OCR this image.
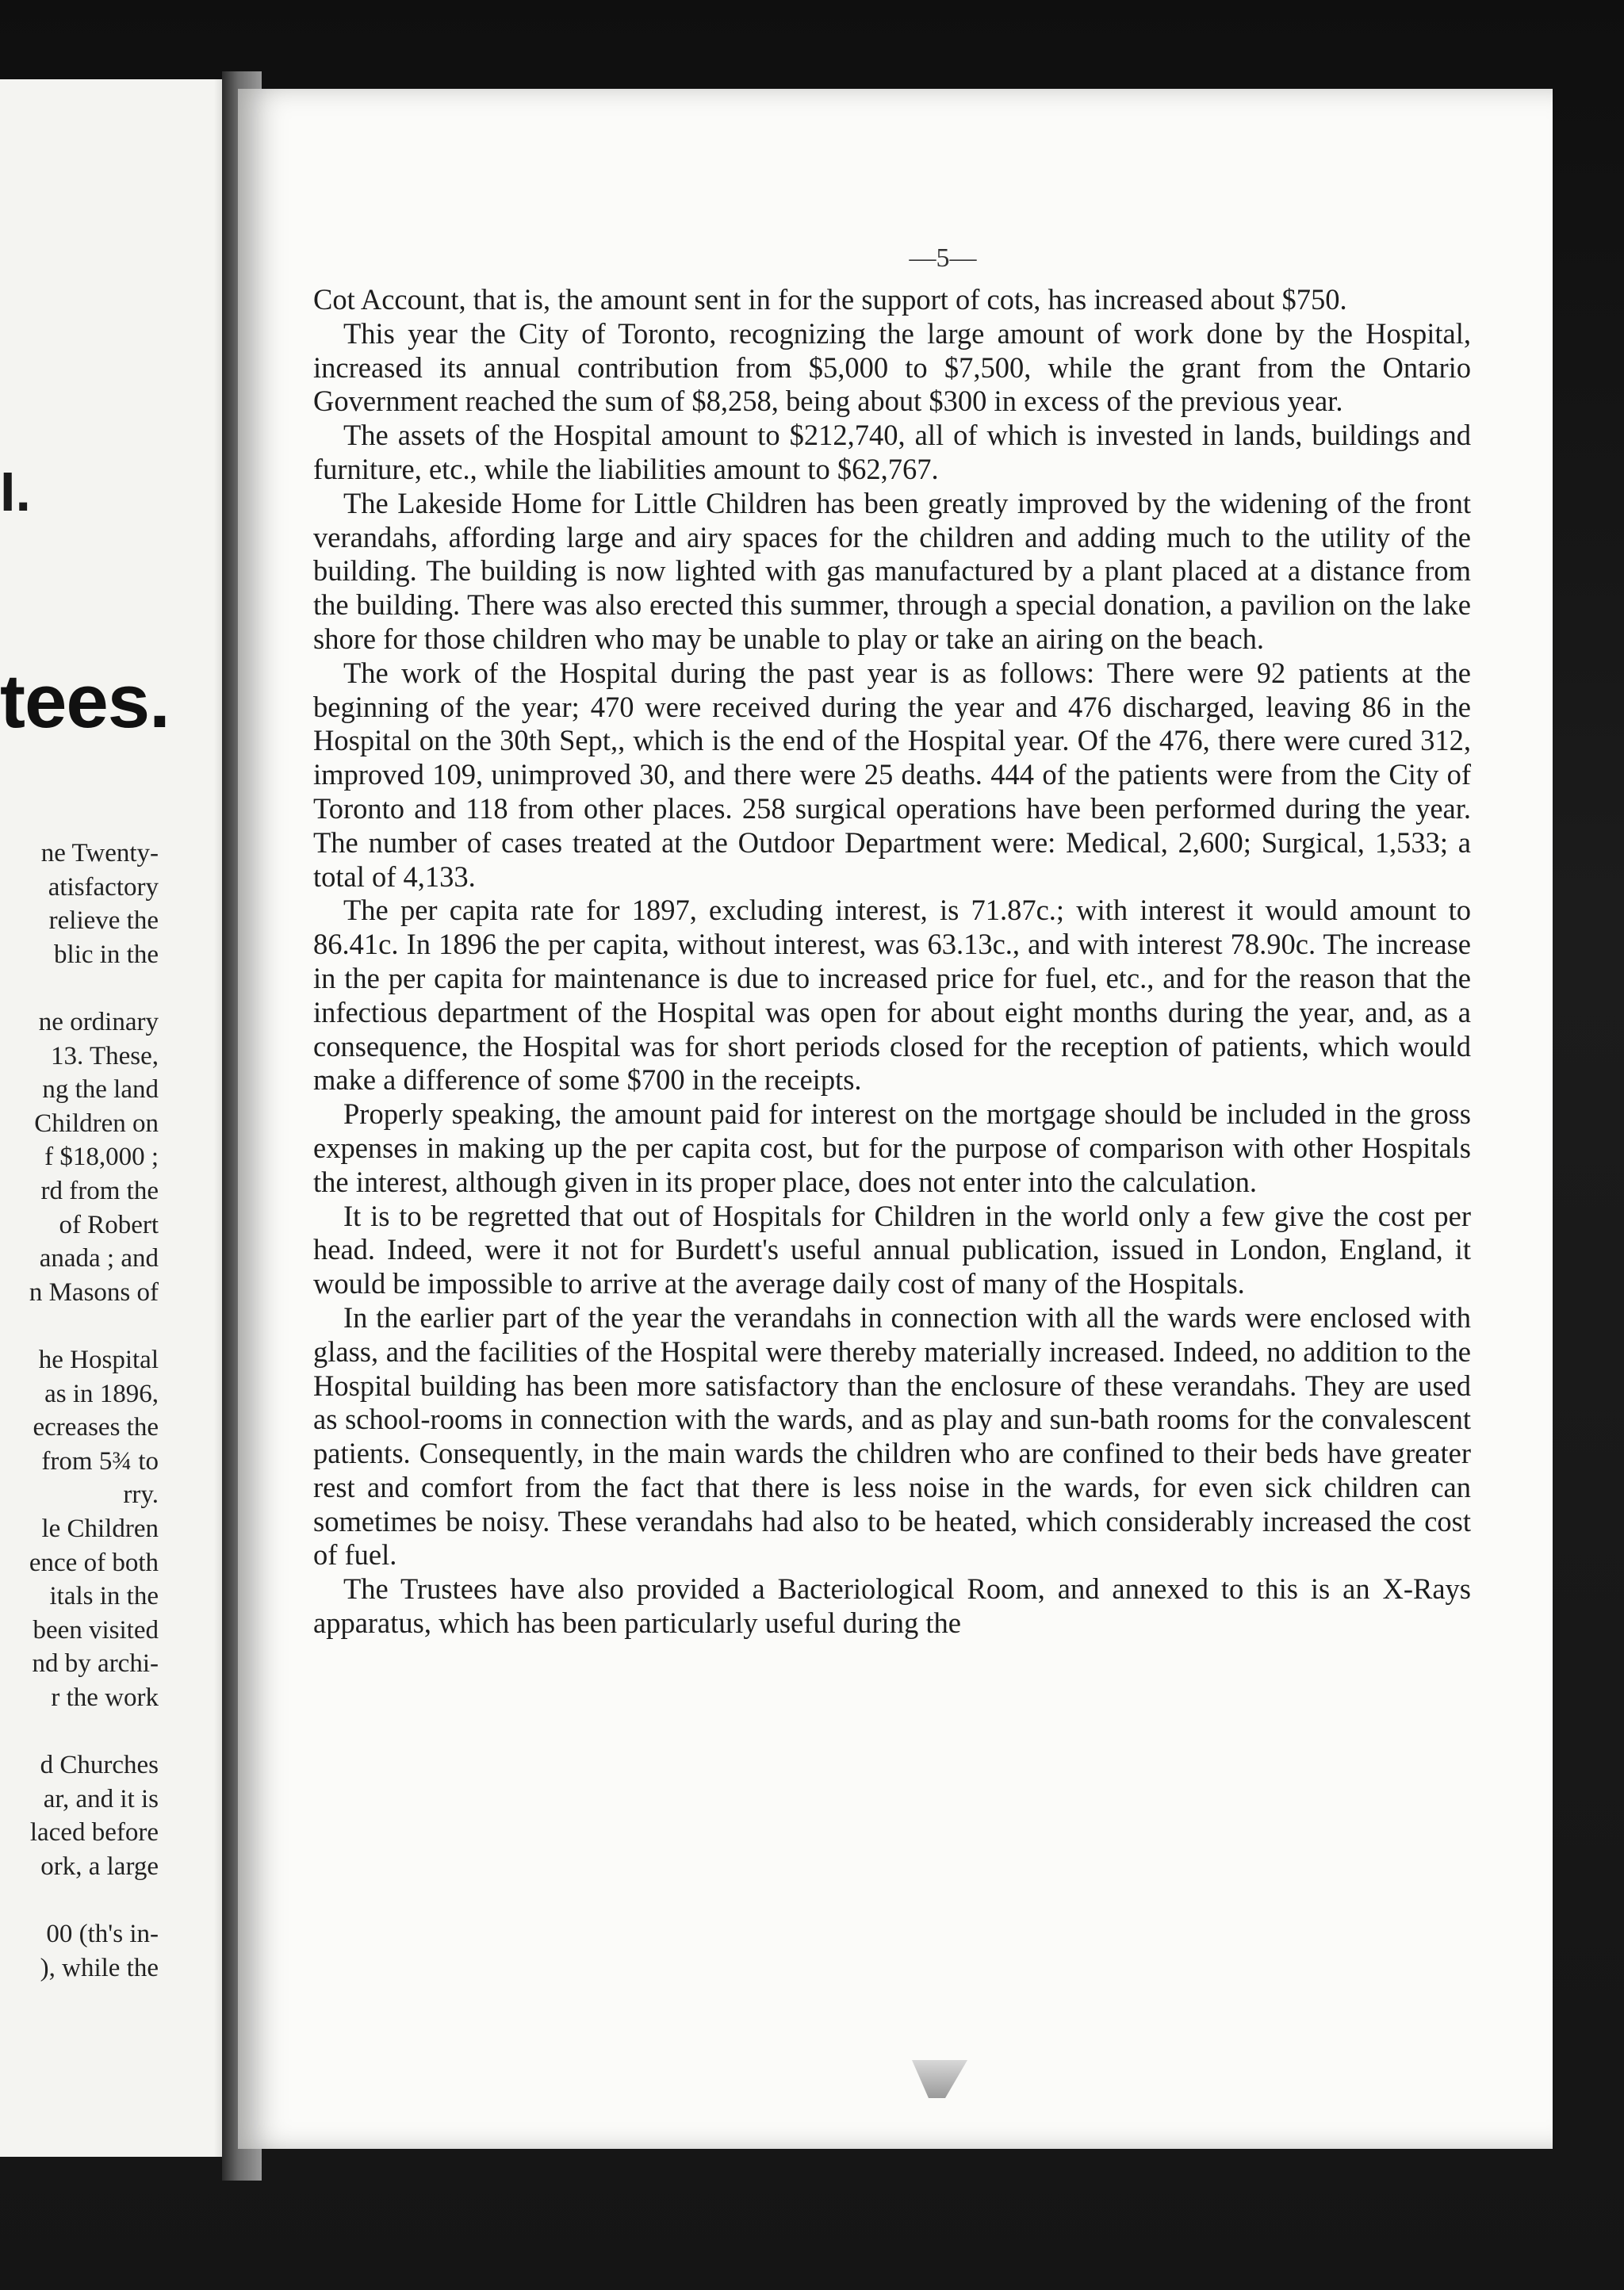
I.
tees.
ne Twenty-
atisfactory
relieve the
blic in the
ne ordinary
13. These,
ng the land
Children on
f $18,000 ;
rd from the
of Robert
anada ; and
n Masons of
he Hospital
as in 1896,
ecreases the
from 5¾ to
rry.
le Children
ence of both
itals in the
been visited
nd by archi-
r the work
d Churches
ar, and it is
laced before
ork, a large
00 (th's in-
), while the
—5—

Cot Account, that is, the amount sent in for the support of cots, has increased about $750.

This year the City of Toronto, recognizing the large amount of work done by the Hospital, increased its annual contribution from $5,000 to $7,500, while the grant from the Ontario Government reached the sum of $8,258, being about $300 in excess of the previous year.

The assets of the Hospital amount to $212,740, all of which is invested in lands, buildings and furniture, etc., while the liabilities amount to $62,767.

The Lakeside Home for Little Children has been greatly improved by the widening of the front verandahs, affording large and airy spaces for the children and adding much to the utility of the building. The building is now lighted with gas manufactured by a plant placed at a distance from the building. There was also erected this summer, through a special donation, a pavilion on the lake shore for those children who may be unable to play or take an airing on the beach.

The work of the Hospital during the past year is as follows: There were 92 patients at the beginning of the year; 470 were received during the year and 476 discharged, leaving 86 in the Hospital on the 30th Sept,, which is the end of the Hospital year. Of the 476, there were cured 312, improved 109, unimproved 30, and there were 25 deaths. 444 of the patients were from the City of Toronto and 118 from other places. 258 surgical operations have been performed during the year. The number of cases treated at the Outdoor Department were: Medical, 2,600; Surgical, 1,533; a total of 4,133.

The per capita rate for 1897, excluding interest, is 71.87c.; with interest it would amount to 86.41c. In 1896 the per capita, without interest, was 63.13c., and with interest 78.90c. The increase in the per capita for maintenance is due to increased price for fuel, etc., and for the reason that the infectious department of the Hospital was open for about eight months during the year, and, as a consequence, the Hospital was for short periods closed for the reception of patients, which would make a difference of some $700 in the receipts.

Properly speaking, the amount paid for interest on the mortgage should be included in the gross expenses in making up the per capita cost, but for the purpose of comparison with other Hospitals the interest, although given in its proper place, does not enter into the calculation.

It is to be regretted that out of Hospitals for Children in the world only a few give the cost per head. Indeed, were it not for Burdett's useful annual publication, issued in London, England, it would be impossible to arrive at the average daily cost of many of the Hospitals.

In the earlier part of the year the verandahs in connection with all the wards were enclosed with glass, and the facilities of the Hospital were thereby materially increased. Indeed, no addition to the Hospital building has been more satisfactory than the enclosure of these verandahs. They are used as school-rooms in connection with the wards, and as play and sun-bath rooms for the convalescent patients. Consequently, in the main wards the children who are confined to their beds have greater rest and comfort from the fact that there is less noise in the wards, for even sick children can sometimes be noisy. These verandahs had also to be heated, which considerably increased the cost of fuel.

The Trustees have also provided a Bacteriological Room, and annexed to this is an X-Rays apparatus, which has been particularly useful during the
